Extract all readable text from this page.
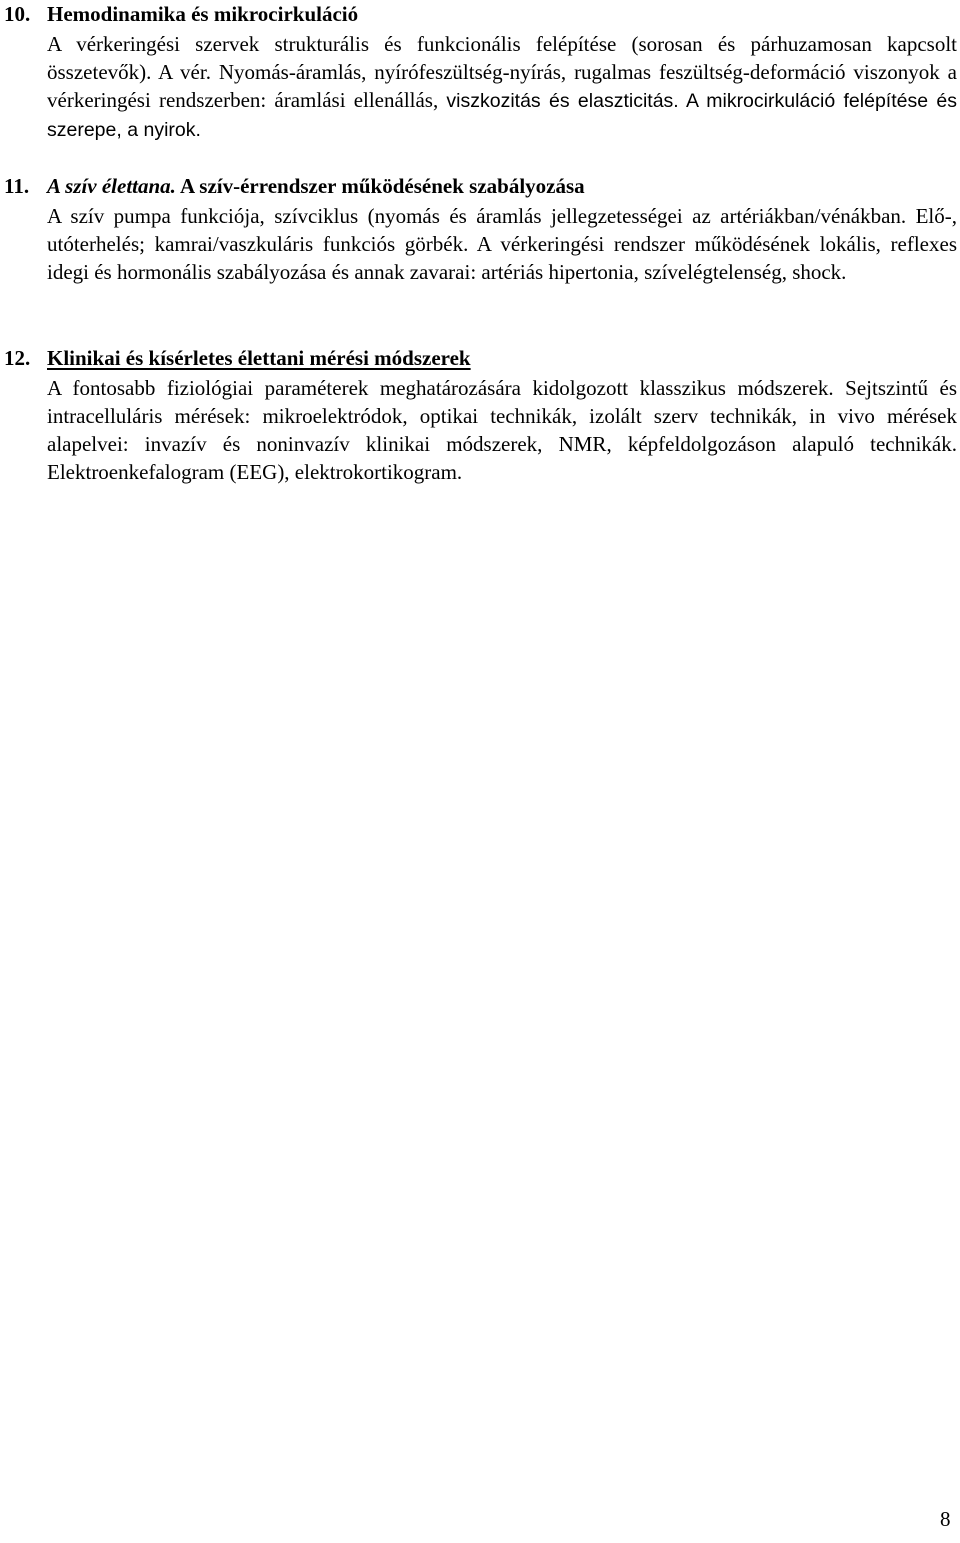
10. Hemodinamika és mikrocirkuláció
A vérkeringési szervek strukturális és funkcionális felépítése (sorosan és párhuzamosan kapcsolt összetevők). A vér. Nyomás-áramlás, nyírófeszültség-nyírás, rugalmas feszültség-deformáció viszonyok a vérkeringési rendszerben: áramlási ellenállás, viszkozitás és elaszticitás. A mikrocirkuláció felépítése és szerepe, a nyirok.
11. A szív élettana. A szív-érrendszer működésének szabályozása
A szív pumpa funkciója, szívciklus (nyomás és áramlás jellegzetességei az artériákban/vénákban. Elő-, utóterhelés; kamrai/vaszkuláris funkciós görbék. A vérkeringési rendszer működésének lokális, reflexes idegi és hormonális szabályozása és annak zavarai: artériás hipertonia, szívelégtelenség, shock.
12. Klinikai és kísérletes élettani mérési módszerek
A fontosabb fiziológiai paraméterek meghatározására kidolgozott klasszikus módszerek. Sejtszintű és intracelluláris mérések: mikroelektródok, optikai technikák, izolált szerv technikák, in vivo mérések alapelvei: invazív és noninvazív klinikai módszerek, NMR, képfeldolgozáson alapuló technikák. Elektroenkefalogram (EEG), elektrokortikogram.
8
